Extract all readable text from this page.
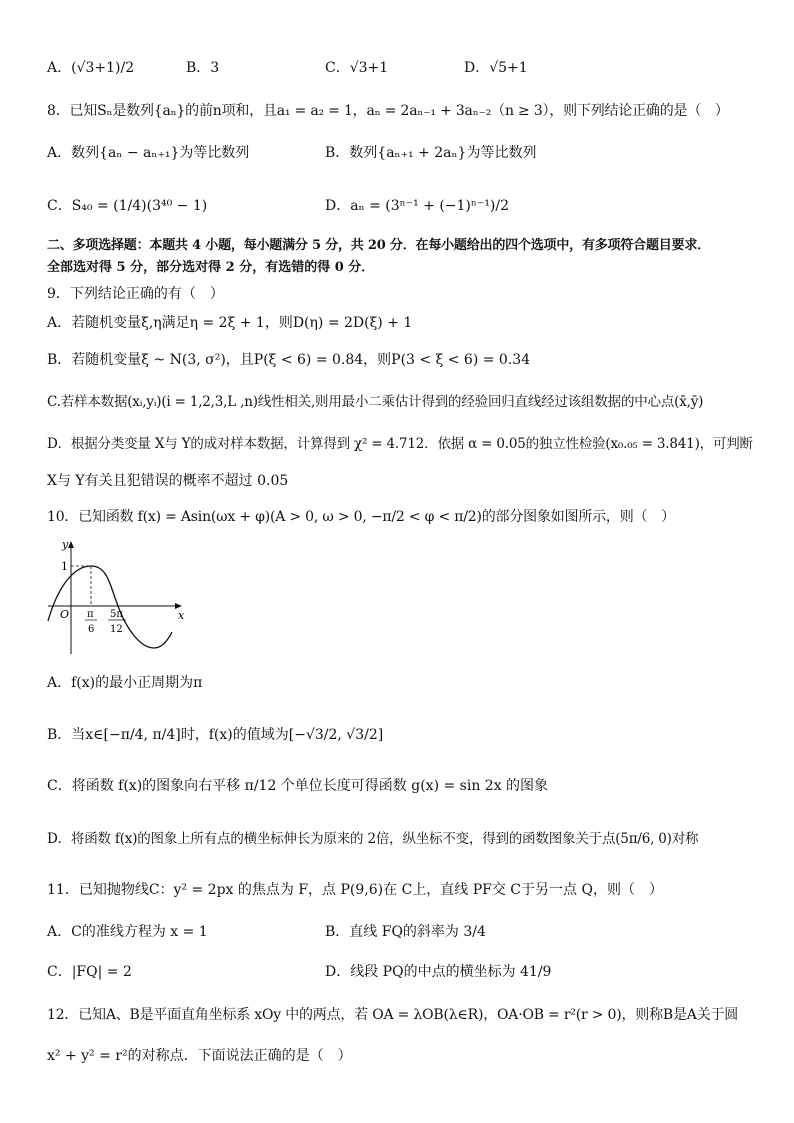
A．(√3+1)/2	B．3	C．√3+1	D．√5+1
8．已知Sₙ是数列{aₙ}的前n项和，且a₁ = a₂ = 1，aₙ = 2aₙ₋₁ + 3aₙ₋₂（n ≥ 3），则下列结论正确的是（　）
A．数列{aₙ − aₙ₊₁}为等比数列	B．数列{aₙ₊₁ + 2aₙ}为等比数列
C．S₄₀ = (1/4)(3⁴⁰ − 1)	D．aₙ = (3ⁿ⁻¹ + (−1)ⁿ⁻¹)/2
二、多项选择题：本题共 4 小题，每小题满分 5 分，共 20 分．在每小题给出的四个选项中，有多项符合题目要求．
全部选对得 5 分，部分选对得 2 分，有选错的得 0 分．
9．下列结论正确的有（　）
A．若随机变量ξ,η满足η = 2ξ + 1，则D(η) = 2D(ξ) + 1
B．若随机变量ξ ~ N(3, σ²)，且P(ξ < 6) = 0.84，则P(3 < ξ < 6) = 0.34
C.若样本数据(xᵢ,yᵢ)(i = 1,2,3,L ,n)线性相关,则用最小二乘估计得到的经验回归直线经过该组数据的中心点(x̄,ȳ)
D．根据分类变量 X与 Y的成对样本数据，计算得到 χ² = 4.712．依据 α = 0.05的独立性检验(x₀.₀₅ = 3.841)，可判断
X与 Y有关且犯错误的概率不超过 0.05
10．已知函数 f(x) = Asin(ωx + φ)(A > 0, ω > 0, −π/2 < φ < π/2)的部分图象如图所示，则（　）
y
x
O
1
π
6
5π
12
A．f(x)的最小正周期为π
B．当x∈[−π/4, π/4]时，f(x)的值域为[−√3/2, √3/2]
C．将函数 f(x)的图象向右平移 π/12 个单位长度可得函数 g(x) = sin 2x 的图象
D．将函数 f(x)的图象上所有点的横坐标伸长为原来的 2倍，纵坐标不变，得到的函数图象关于点(5π/6, 0)对称
11．已知抛物线C：y² = 2px 的焦点为 F，点 P(9,6)在 C上，直线 PF交 C于另一点 Q，则（　）
A．C的准线方程为 x = 1	B．直线 FQ的斜率为 3/4
C．|FQ| = 2	D．线段 PQ的中点的横坐标为 41/9
12．已知A、B是平面直角坐标系 xOy 中的两点，若 OA = λOB(λ∈R)，OA·OB = r²(r > 0)，则称B是A关于圆
x² + y² = r²的对称点．下面说法正确的是（　）
